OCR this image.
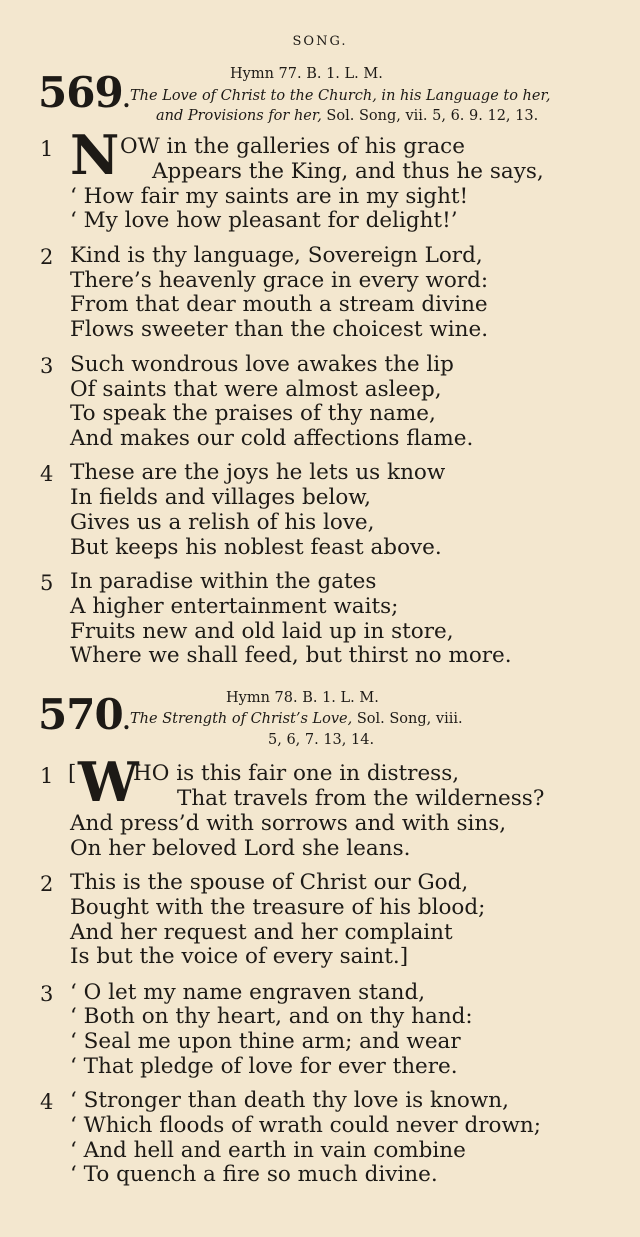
SONG.
569.
Hymn 77. B. 1. L. M.
The Love of Christ to the Church, in his Language to her,
and Provisions for her, Sol. Song, vii. 5, 6. 9. 12, 13.
1 N OW in the galleries of his grace
Appears the King, and thus he says,
‘ How fair my saints are in my sight!
‘ My love how pleasant for delight!’
2 Kind is thy language, Sovereign Lord,
There’s heavenly grace in every word:
From that dear mouth a stream divine
Flows sweeter than the choicest wine.
3 Such wondrous love awakes the lip
Of saints that were almost asleep,
To speak the praises of thy name,
And makes our cold affections flame.
4 These are the joys he lets us know
In fields and villages below,
Gives us a relish of his love,
But keeps his noblest feast above.
5 In paradise within the gates
A higher entertainment waits;
Fruits new and old laid up in store,
Where we shall feed, but thirst no more.
570.
Hymn 78. B. 1. L. M.
The Strength of Christ’s Love, Sol. Song, viii.
5, 6, 7. 13, 14.
1 [ W
HO is this fair one in distress,
That travels from the wilderness?
And press’d with sorrows and with sins,
On her beloved Lord she leans.
2 This is the spouse of Christ our God,
Bought with the treasure of his blood;
And her request and her complaint
Is but the voice of every saint.]
3 ‘ O let my name engraven stand,
‘ Both on thy heart, and on thy hand:
‘ Seal me upon thine arm; and wear
‘ That pledge of love for ever there.
4 ‘ Stronger than death thy love is known,
‘ Which floods of wrath could never drown;
‘ And hell and earth in vain combine
‘ To quench a fire so much divine.
